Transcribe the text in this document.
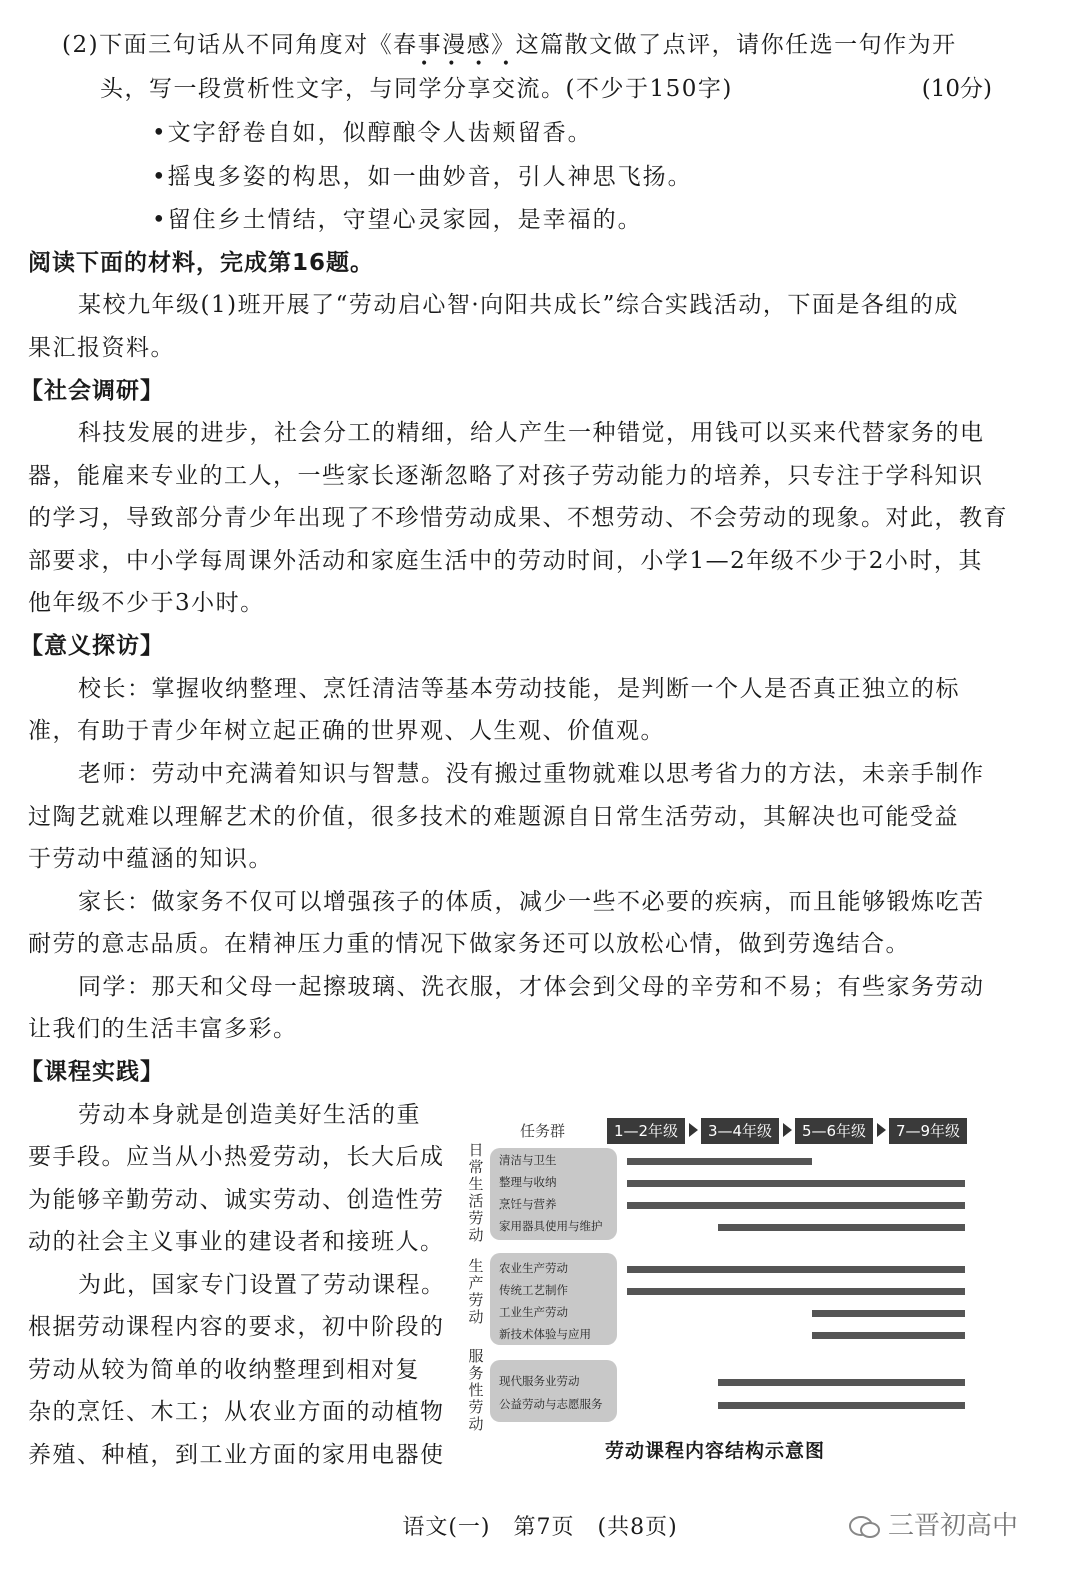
(2)下面三句话从不同角度对《春事漫感》这篇散文做了点评，请你任选一句作为开
••••
头，写一段赏析性文字，与同学分享交流。(不少于150字)	(10分)
•文字舒卷自如，似醇酿令人齿颊留香。
•摇曳多姿的构思，如一曲妙音，引人神思飞扬。
•留住乡土情结，守望心灵家园，是幸福的。
阅读下面的材料，完成第16题。
某校九年级(1)班开展了“劳动启心智·向阳共成长”综合实践活动，下面是各组的成
果汇报资料。
【社会调研】
科技发展的进步，社会分工的精细，给人产生一种错觉，用钱可以买来代替家务的电
器，能雇来专业的工人，一些家长逐渐忽略了对孩子劳动能力的培养，只专注于学科知识
的学习，导致部分青少年出现了不珍惜劳动成果、不想劳动、不会劳动的现象。对此，教育
部要求，中小学每周课外活动和家庭生活中的劳动时间，小学1—2年级不少于2小时，其
他年级不少于3小时。
【意义探访】
校长：掌握收纳整理、烹饪清洁等基本劳动技能，是判断一个人是否真正独立的标
准，有助于青少年树立起正确的世界观、人生观、价值观。
老师：劳动中充满着知识与智慧。没有搬过重物就难以思考省力的方法，未亲手制作
过陶艺就难以理解艺术的价值，很多技术的难题源自日常生活劳动，其解决也可能受益
于劳动中蕴涵的知识。
家长：做家务不仅可以增强孩子的体质，减少一些不必要的疾病，而且能够锻炼吃苦
耐劳的意志品质。在精神压力重的情况下做家务还可以放松心情，做到劳逸结合。
同学：那天和父母一起擦玻璃、洗衣服，才体会到父母的辛劳和不易；有些家务劳动
让我们的生活丰富多彩。
【课程实践】
劳动本身就是创造美好生活的重
要手段。应当从小热爱劳动，长大后成
为能够辛勤劳动、诚实劳动、创造性劳
动的社会主义事业的建设者和接班人。
为此，国家专门设置了劳动课程。
根据劳动课程内容的要求，初中阶段的
劳动从较为简单的收纳整理到相对复
杂的烹饪、木工；从农业方面的动植物
养殖、种植，到工业方面的家用电器使
任务群	1—2年级	3—4年级	5—6年级	7—9年级
日
常
生
活
劳
动
清洁与卫生
整理与收纳
烹饪与营养
家用器具使用与维护
生
产
劳
动
农业生产劳动
传统工艺制作
工业生产劳动
新技术体验与应用
服
务
性
劳
动
现代服务业劳动
公益劳动与志愿服务
劳动课程内容结构示意图
语文(一)　第7页　(共8页)	三晋初高中
